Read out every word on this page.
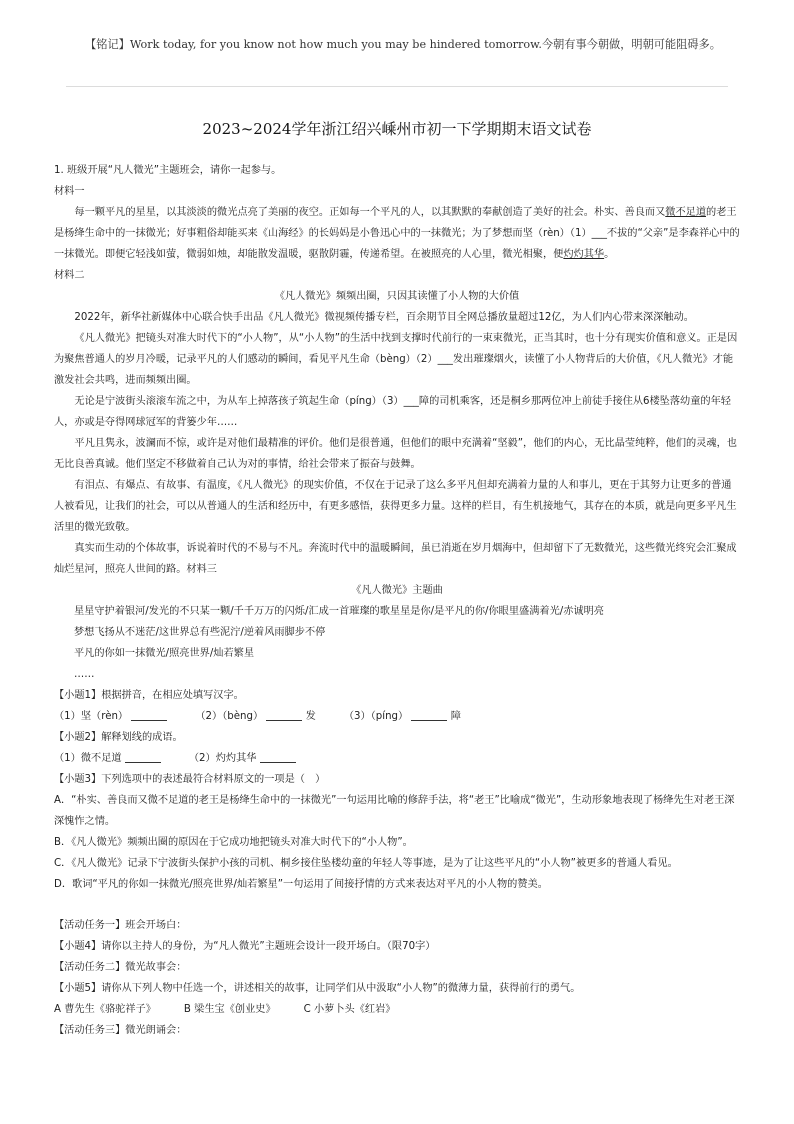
【铭记】Work today, for you know not how much you may be hindered tomorrow.今朝有事今朝做，明朝可能阻碍多。
2023~2024学年浙江绍兴嵊州市初一下学期期末语文试卷

1. 班级开展“凡人微光”主题班会，请你一起参与。

材料一

每一颗平凡的星星，以其淡淡的微光点亮了美丽的夜空。正如每一个平凡的人，以其默默的奉献创造了美好的社会。朴实、善良而又微不足道的老王是杨绛生命中的一抹微光；好事粗俗却能买来《山海经》的长妈妈是小鲁迅心中的一抹微光；为了梦想而坚（rèn）（1）___不拔的“父亲”是李森祥心中的一抹微光。即便它轻浅如萤，微弱如烛，却能散发温暖，驱散阴霾，传递希望。在被照亮的人心里，微光相聚，便灼灼其华。

材料二

《凡人微光》频频出圈，只因其读懂了小人物的大价值

2022年，新华社新媒体中心联合快手出品《凡人微光》微视频传播专栏，百余期节目全网总播放量超过12亿，为人们内心带来深深触动。

《凡人微光》把镜头对准大时代下的“小人物”，从“小人物”的生活中找到支撑时代前行的一束束微光，正当其时，也十分有现实价值和意义。正是因为聚焦普通人的岁月冷暖，记录平凡的人们感动的瞬间，看见平凡生命（bèng）（2）___发出璀璨烟火，读懂了小人物背后的大价值，《凡人微光》才能激发社会共鸣，进而频频出圈。

无论是宁波街头滚滚车流之中，为从车上掉落孩子筑起生命（píng）（3）___障的司机乘客，还是桐乡那两位冲上前徒手接住从6楼坠落幼童的年轻人，亦或是夺得网球冠军的背篓少年……

平凡且隽永，波澜而不惊，或许是对他们最精准的评价。他们是很普通，但他们的眼中充满着“坚毅”，他们的内心，无比晶莹纯粹，他们的灵魂，也无比良善真诚。他们坚定不移做着自己认为对的事情，给社会带来了振奋与鼓舞。

有泪点、有爆点、有故事、有温度，《凡人微光》的现实价值，不仅在于记录了这么多平凡但却充满着力量的人和事儿，更在于其努力让更多的普通人被看见，让我们的社会，可以从普通人的生活和经历中，有更多感悟，获得更多力量。这样的栏目，有生机接地气，其存在的本质，就是向更多平凡生活里的微光致敬。

真实而生动的个体故事，诉说着时代的不易与不凡。奔流时代中的温暖瞬间，虽已消逝在岁月烟海中，但却留下了无数微光，这些微光终究会汇聚成灿烂星河，照亮人世间的路。材料三

《凡人微光》主题曲

星星守护着银河/发光的不只某一颗/千千万万的闪烁/汇成一首璀璨的歌星星是你/是平凡的你/你眼里盛满着光/赤诚明亮

梦想飞扬从不迷茫/这世界总有些泥泞/逆着风雨脚步不停

平凡的你如一抹微光/照亮世界/灿若繁星

……

【小题1】根据拼音，在相应处填写汉字。

（1）坚（rèn）	（2）（bèng）	发	（3）（píng）	障

【小题2】解释划线的成语。

（1）微不足道	（2）灼灼其华

【小题3】下列选项中的表述最符合材料原文的一项是（　）

A．“朴实、善良而又微不足道的老王是杨绛生命中的一抹微光”一句运用比喻的修辞手法，将“老王”比喻成“微光”，生动形象地表现了杨绛先生对老王深深愧怍之情。

B．《凡人微光》频频出圈的原因在于它成功地把镜头对准大时代下的“小人物”。

C．《凡人微光》记录下宁波街头保护小孩的司机、桐乡接住坠楼幼童的年轻人等事迹，是为了让这些平凡的“小人物”被更多的普通人看见。

D．歌词“平凡的你如一抹微光/照亮世界/灿若繁星”一句运用了间接抒情的方式来表达对平凡的小人物的赞美。

【活动任务一】班会开场白：

【小题4】请你以主持人的身份，为“凡人微光”主题班会设计一段开场白。（限70字）

【活动任务二】微光故事会：

【小题5】请你从下列人物中任选一个，讲述相关的故事，让同学们从中汲取“小人物”的微薄力量，获得前行的勇气。

A 曹先生《骆驼祥子》	B 梁生宝《创业史》	C 小萝卜头《红岩》

【活动任务三】微光朗诵会：
